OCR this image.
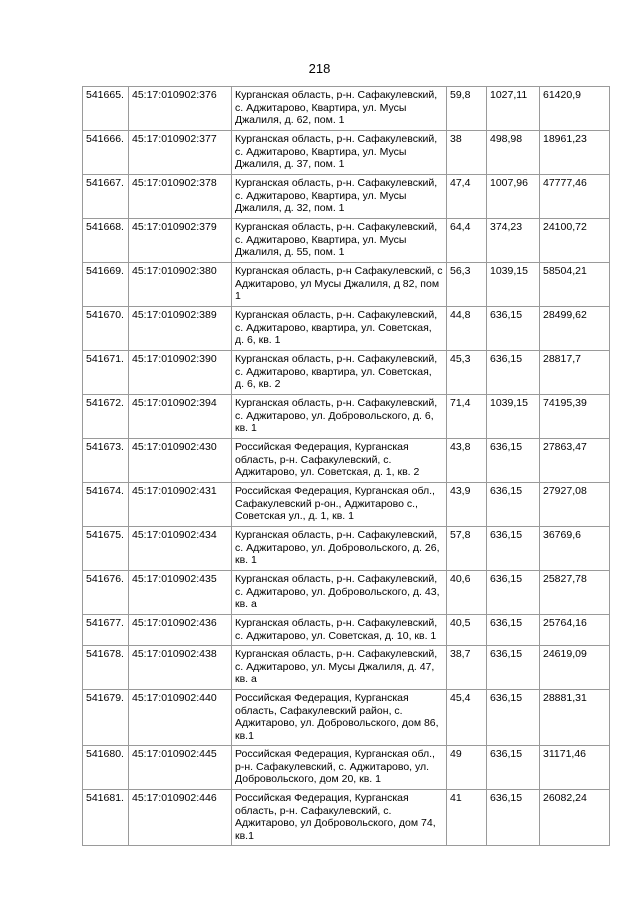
218
541665.	45:17:010902:376	Курганская область, р-н. Сафакулевский, с. Аджитарово, Квартира, ул. Мусы Джалиля, д. 62, пом. 1	59,8	1027,11	61420,9
541666.	45:17:010902:377	Курганская область, р-н. Сафакулевский, с. Аджитарово, Квартира, ул. Мусы Джалиля, д. 37, пом. 1	38	498,98	18961,23
541667.	45:17:010902:378	Курганская область, р-н. Сафакулевский, с. Аджитарово, Квартира, ул. Мусы Джалиля, д. 32, пом. 1	47,4	1007,96	47777,46
541668.	45:17:010902:379	Курганская область, р-н. Сафакулевский, с. Аджитарово, Квартира, ул. Мусы Джалиля, д. 55, пом. 1	64,4	374,23	24100,72
541669.	45:17:010902:380	Курганская область, р-н Сафакулевский, с Аджитарово, ул Мусы Джалиля, д 82, пом 1	56,3	1039,15	58504,21
541670.	45:17:010902:389	Курганская область, р-н. Сафакулевский, с. Аджитарово, квартира, ул. Советская, д. 6, кв. 1	44,8	636,15	28499,62
541671.	45:17:010902:390	Курганская область, р-н. Сафакулевский, с. Аджитарово, квартира, ул. Советская, д. 6, кв. 2	45,3	636,15	28817,7
541672.	45:17:010902:394	Курганская область, р-н. Сафакулевский, с. Аджитарово, ул. Добровольского, д. 6, кв. 1	71,4	1039,15	74195,39
541673.	45:17:010902:430	Российская Федерация, Курганская область, р-н. Сафакулевский, с. Аджитарово, ул. Советская, д. 1, кв. 2	43,8	636,15	27863,47
541674.	45:17:010902:431	Российская Федерация, Курганская обл., Сафакулевский р-он., Аджитарово с., Советская ул., д. 1, кв. 1	43,9	636,15	27927,08
541675.	45:17:010902:434	Курганская область, р-н. Сафакулевский, с. Аджитарово, ул. Добровольского, д. 26, кв. 1	57,8	636,15	36769,6
541676.	45:17:010902:435	Курганская область, р-н. Сафакулевский, с. Аджитарово, ул. Добровольского, д. 43, кв. а	40,6	636,15	25827,78
541677.	45:17:010902:436	Курганская область, р-н. Сафакулевский, с. Аджитарово, ул. Советская, д. 10, кв. 1	40,5	636,15	25764,16
541678.	45:17:010902:438	Курганская область, р-н. Сафакулевский, с. Аджитарово, ул. Мусы Джалиля, д. 47, кв. а	38,7	636,15	24619,09
541679.	45:17:010902:440	Российская Федерация, Курганская область, Сафакулевский район, с. Аджитарово, ул. Добровольского, дом 86, кв.1	45,4	636,15	28881,31
541680.	45:17:010902:445	Российская Федерация, Курганская обл., р-н. Сафакулевский, с. Аджитарово, ул. Добровольского, дом 20, кв. 1	49	636,15	31171,46
541681.	45:17:010902:446	Российская Федерация, Курганская область, р-н. Сафакулевский, с. Аджитарово, ул Добровольского, дом 74, кв.1	41	636,15	26082,24
